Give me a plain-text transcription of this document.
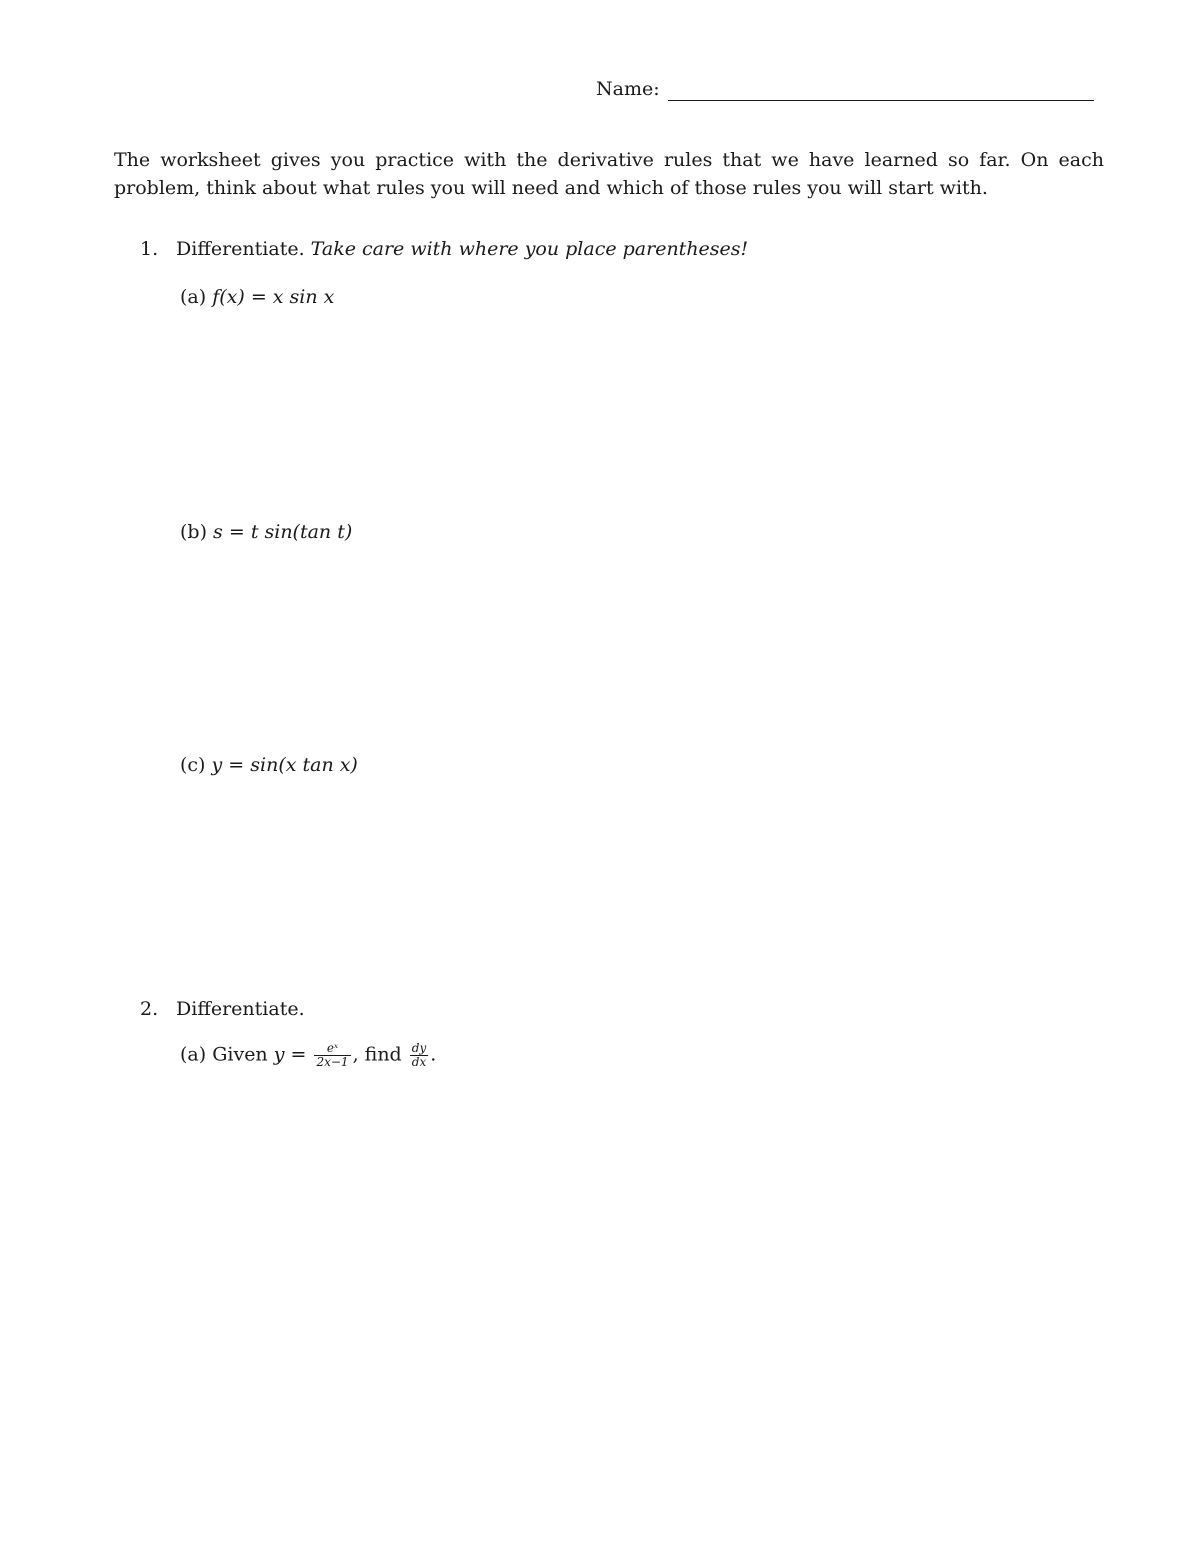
Name:
The worksheet gives you practice with the derivative rules that we have learned so far. On each
problem, think about what rules you will need and which of those rules you will start with.
1. Differentiate. Take care with where you place parentheses!
(a) f(x) = x sin x
(b) s = t sin(tan t)
(c) y = sin(x tan x)
2. Differentiate.
(a) Given $y = \frac{\text{eˣ}}{2x-1}$ , find $\frac{dy}{dx}$ .
